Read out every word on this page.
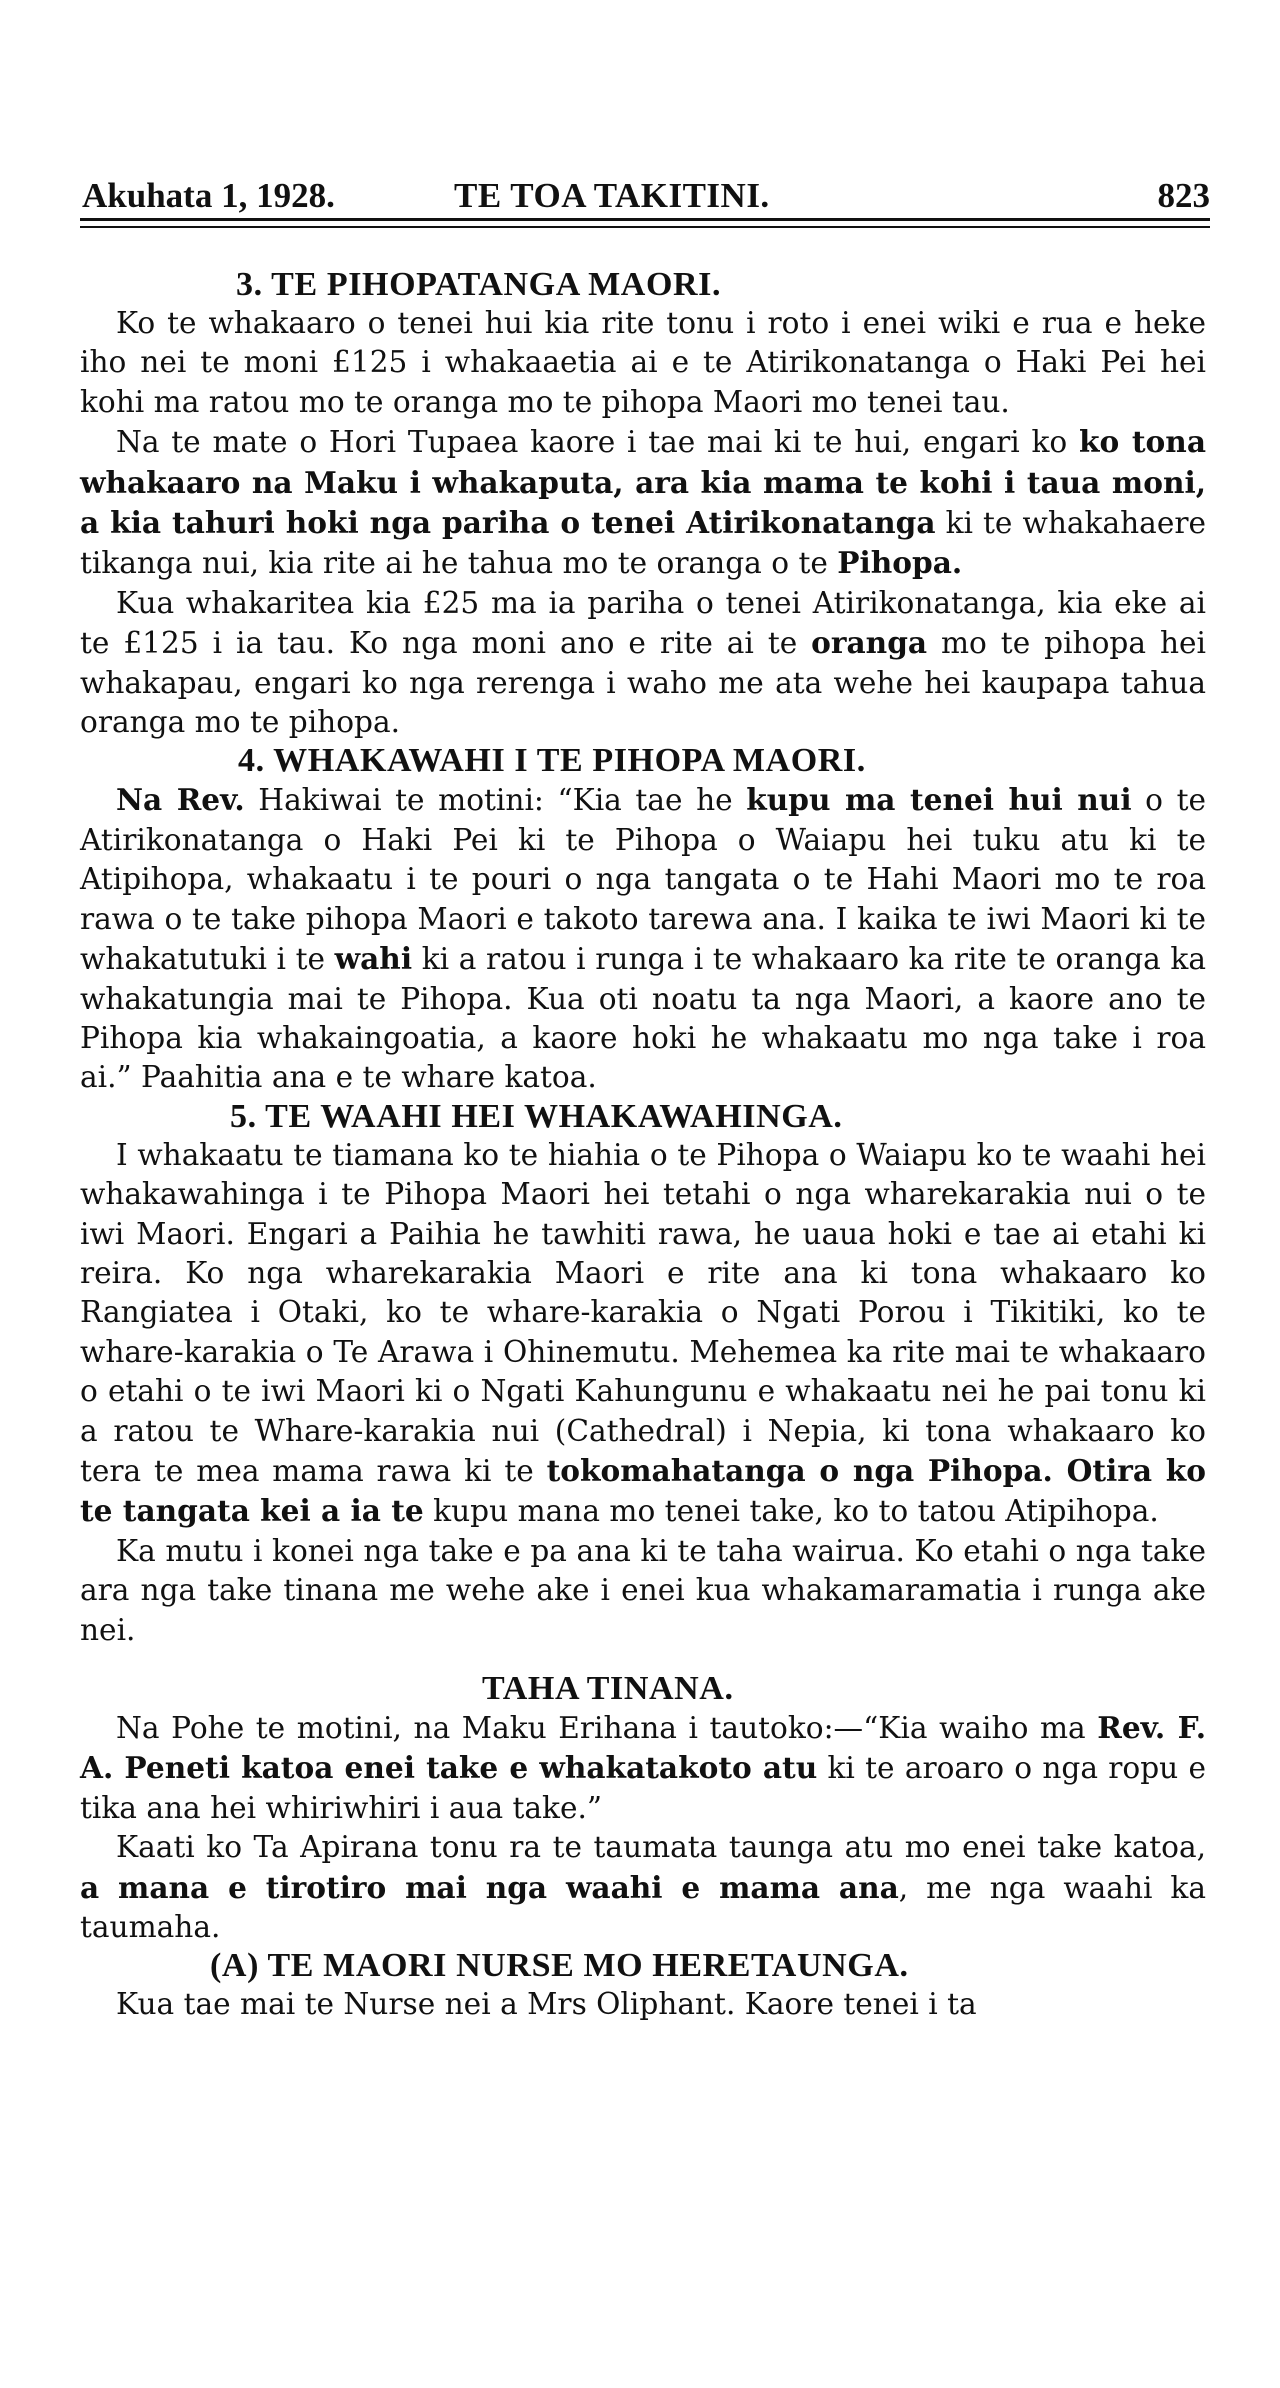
Akuhata 1, 1928.	TE TOA TAKITINI.	823
3. TE PIHOPATANGA MAORI.

Ko te whakaaro o tenei hui kia rite tonu i roto i enei wiki e rua e heke iho nei te moni £125 i whakaaetia ai e te Atirikonatanga o Haki Pei hei kohi ma ratou mo te oranga mo te pihopa Maori mo tenei tau.

Na te mate o Hori Tupaea kaore i tae mai ki te hui, engari ko ko tona whakaaro na Maku i whakaputa, ara kia mama te kohi i taua moni, a kia tahuri hoki nga pariha o tenei Atirikonatanga ki te whakahaere tikanga nui, kia rite ai he tahua mo te oranga o te Pihopa.

Kua whakaritea kia £25 ma ia pariha o tenei Atirikonatanga, kia eke ai te £125 i ia tau. Ko nga moni ano e rite ai te oranga mo te pihopa hei whakapau, engari ko nga rerenga i waho me ata wehe hei kaupapa tahua oranga mo te pihopa.

4. WHAKAWAHI I TE PIHOPA MAORI.

Na Rev. Hakiwai te motini: “Kia tae he kupu ma tenei hui nui o te Atirikonatanga o Haki Pei ki te Pihopa o Waiapu hei tuku atu ki te Atipihopa, whakaatu i te pouri o nga tangata o te Hahi Maori mo te roa rawa o te take pihopa Maori e takoto tarewa ana. I kaika te iwi Maori ki te whakatutuki i te wahi ki a ratou i runga i te whakaaro ka rite te oranga ka whakatungia mai te Pihopa. Kua oti noatu ta nga Maori, a kaore ano te Pihopa kia whakaingoatia, a kaore hoki he whakaatu mo nga take i roa ai.” Paahitia ana e te whare katoa.

5. TE WAAHI HEI WHAKAWAHINGA.

I whakaatu te tiamana ko te hiahia o te Pihopa o Waiapu ko te waahi hei whakawahinga i te Pihopa Maori hei tetahi o nga wharekarakia nui o te iwi Maori. Engari a Paihia he tawhiti rawa, he uaua hoki e tae ai etahi ki reira. Ko nga wharekarakia Maori e rite ana ki tona whakaaro ko Rangiatea i Otaki, ko te whare-karakia o Ngati Porou i Tikitiki, ko te whare-karakia o Te Arawa i Ohinemutu. Mehemea ka rite mai te whakaaro o etahi o te iwi Maori ki o Ngati Kahungunu e whakaatu nei he pai tonu ki a ratou te Whare-karakia nui (Cathedral) i Nepia, ki tona whakaaro ko tera te mea mama rawa ki te tokomahatanga o nga Pihopa. Otira ko te tangata kei a ia te kupu mana mo tenei take, ko to tatou Atipihopa.

Ka mutu i konei nga take e pa ana ki te taha wairua. Ko etahi o nga take ara nga take tinana me wehe ake i enei kua whakamaramatia i runga ake nei.

TAHA TINANA.

Na Pohe te motini, na Maku Erihana i tautoko:—“Kia waiho ma Rev. F. A. Peneti katoa enei take e whakatakoto atu ki te aroaro o nga ropu e tika ana hei whiriwhiri i aua take.”

Kaati ko Ta Apirana tonu ra te taumata taunga atu mo enei take katoa, a mana e tirotiro mai nga waahi e mama ana, me nga waahi ka taumaha.

(A) TE MAORI NURSE MO HERETAUNGA.

Kua tae mai te Nurse nei a Mrs Oliphant. Kaore tenei i ta
